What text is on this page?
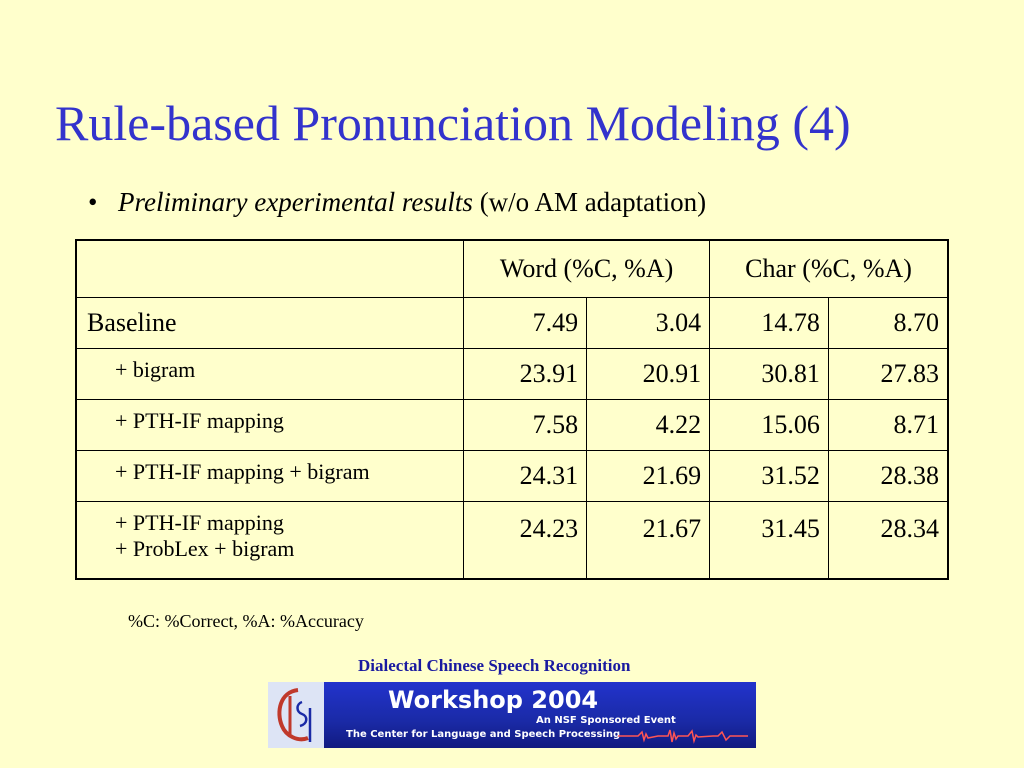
Rule-based Pronunciation Modeling (4)
• Preliminary experimental results (w/o AM adaptation)
	Word (%C, %A)		Char (%C, %A)	
Baseline	7.49	3.04	14.78	8.70
+ bigram	23.91	20.91	30.81	27.83
+ PTH-IF mapping	7.58	4.22	15.06	8.71
+ PTH-IF mapping + bigram	24.31	21.69	31.52	28.38

+ PTH-IF mapping
+ ProbLex + bigram	24.23	21.67	31.45	28.34
%C: %Correct, %A: %Accuracy
Dialectal Chinese Speech Recognition
Workshop 2004
An NSF Sponsored Event
The Center for Language and Speech Processing
